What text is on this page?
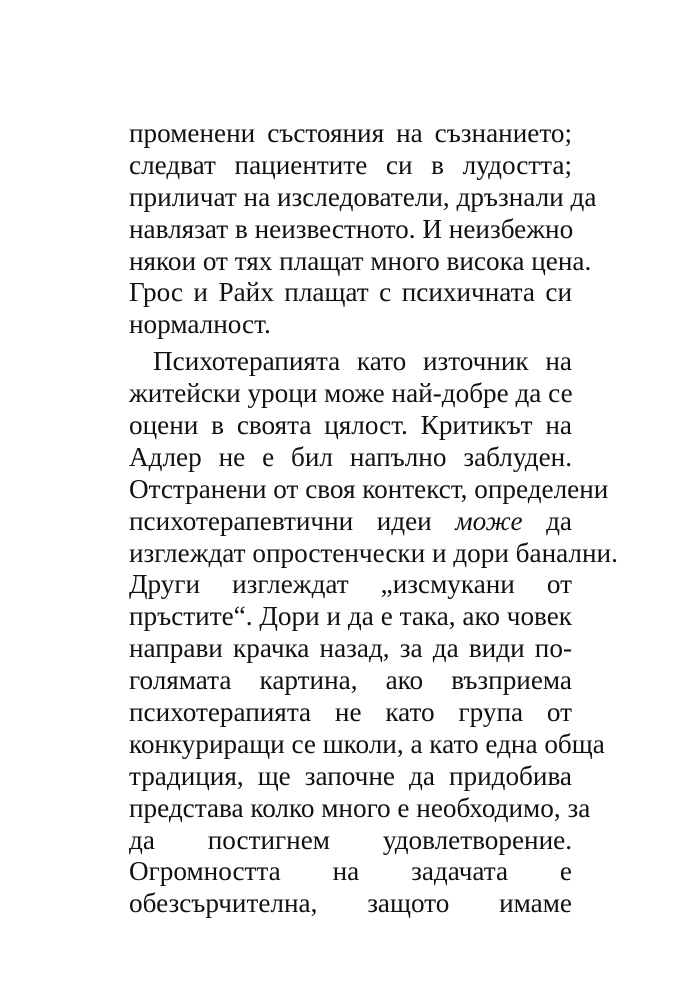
променени състояния на съзнанието;
следват пациентите си в лудостта;
приличат на изследователи, дръзнали да
навлязат в неизвестното. И неизбежно
някои от тях плащат много висока цена.
Грос и Райх плащат с психичната си
нормалност.
Психотерапията като източник на
житейски уроци може най-добре да се
оцени в своята цялост. Критикът на
Адлер не е бил напълно заблуден.
Отстранени от своя контекст, определени
психотерапевтични идеи може да
изглеждат опростенчески и дори банални.
Други изглеждат „изсмукани от
пръстите“. Дори и да е така, ако човек
направи крачка назад, за да види по-
голямата картина, ако възприема
психотерапията не като група от
конкуриращи се школи, а като една обща
традиция, ще започне да придобива
представа колко много е необходимо, за
да постигнем удовлетворение.
Огромността на задачата е
обезсърчителна, защото имаме
